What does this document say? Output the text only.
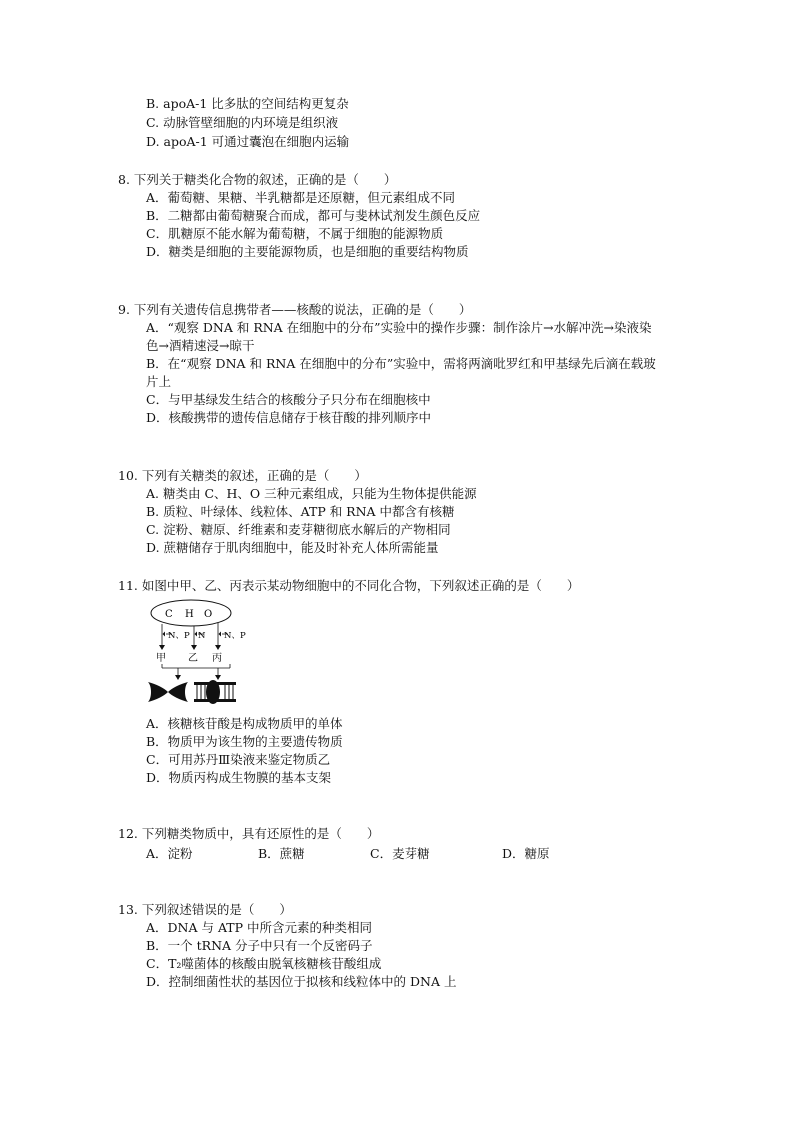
B. apoA-1 比多肽的空间结构更复杂
C. 动脉管壁细胞的内环境是组织液
D. apoA-1 可通过囊泡在细胞内运输
8. 下列关于糖类化合物的叙述，正确的是（　　）
A．葡萄糖、果糖、半乳糖都是还原糖，但元素组成不同
B．二糖都由葡萄糖聚合而成，都可与斐林试剂发生颜色反应
C．肌糖原不能水解为葡萄糖，不属于细胞的能源物质
D．糖类是细胞的主要能源物质，也是细胞的重要结构物质
9. 下列有关遗传信息携带者——核酸的说法，正确的是（　　）
A．“观察 DNA 和 RNA 在细胞中的分布”实验中的操作步骤：制作涂片→水解冲洗→染液染
色→酒精速浸→晾干
B．在“观察 DNA 和 RNA 在细胞中的分布”实验中，需将两滴吡罗红和甲基绿先后滴在载玻
片上
C．与甲基绿发生结合的核酸分子只分布在细胞核中
D．核酸携带的遗传信息储存于核苷酸的排列顺序中
10. 下列有关糖类的叙述，正确的是（　　）
A. 糖类由 C、H、O 三种元素组成，只能为生物体提供能源
B. 质粒、叶绿体、线粒体、ATP 和 RNA 中都含有核糖
C. 淀粉、糖原、纤维素和麦芽糖彻底水解后的产物相同
D. 蔗糖储存于肌肉细胞中，能及时补充人体所需能量
11. 如图中甲、乙、丙表示某动物细胞中的不同化合物，下列叙述正确的是（　　）
C H O
N、P N N、P
甲 乙 丙
A．核糖核苷酸是构成物质甲的单体
B．物质甲为该生物的主要遗传物质
C．可用苏丹Ⅲ染液来鉴定物质乙
D．物质丙构成生物膜的基本支架
12. 下列糖类物质中，具有还原性的是（　　）
A．淀粉	B．蔗糖	C．麦芽糖	D．糖原
13. 下列叙述错误的是（　　）
A．DNA 与 ATP 中所含元素的种类相同
B．一个 tRNA 分子中只有一个反密码子
C．T₂噬菌体的核酸由脱氧核糖核苷酸组成
D．控制细菌性状的基因位于拟核和线粒体中的 DNA 上
